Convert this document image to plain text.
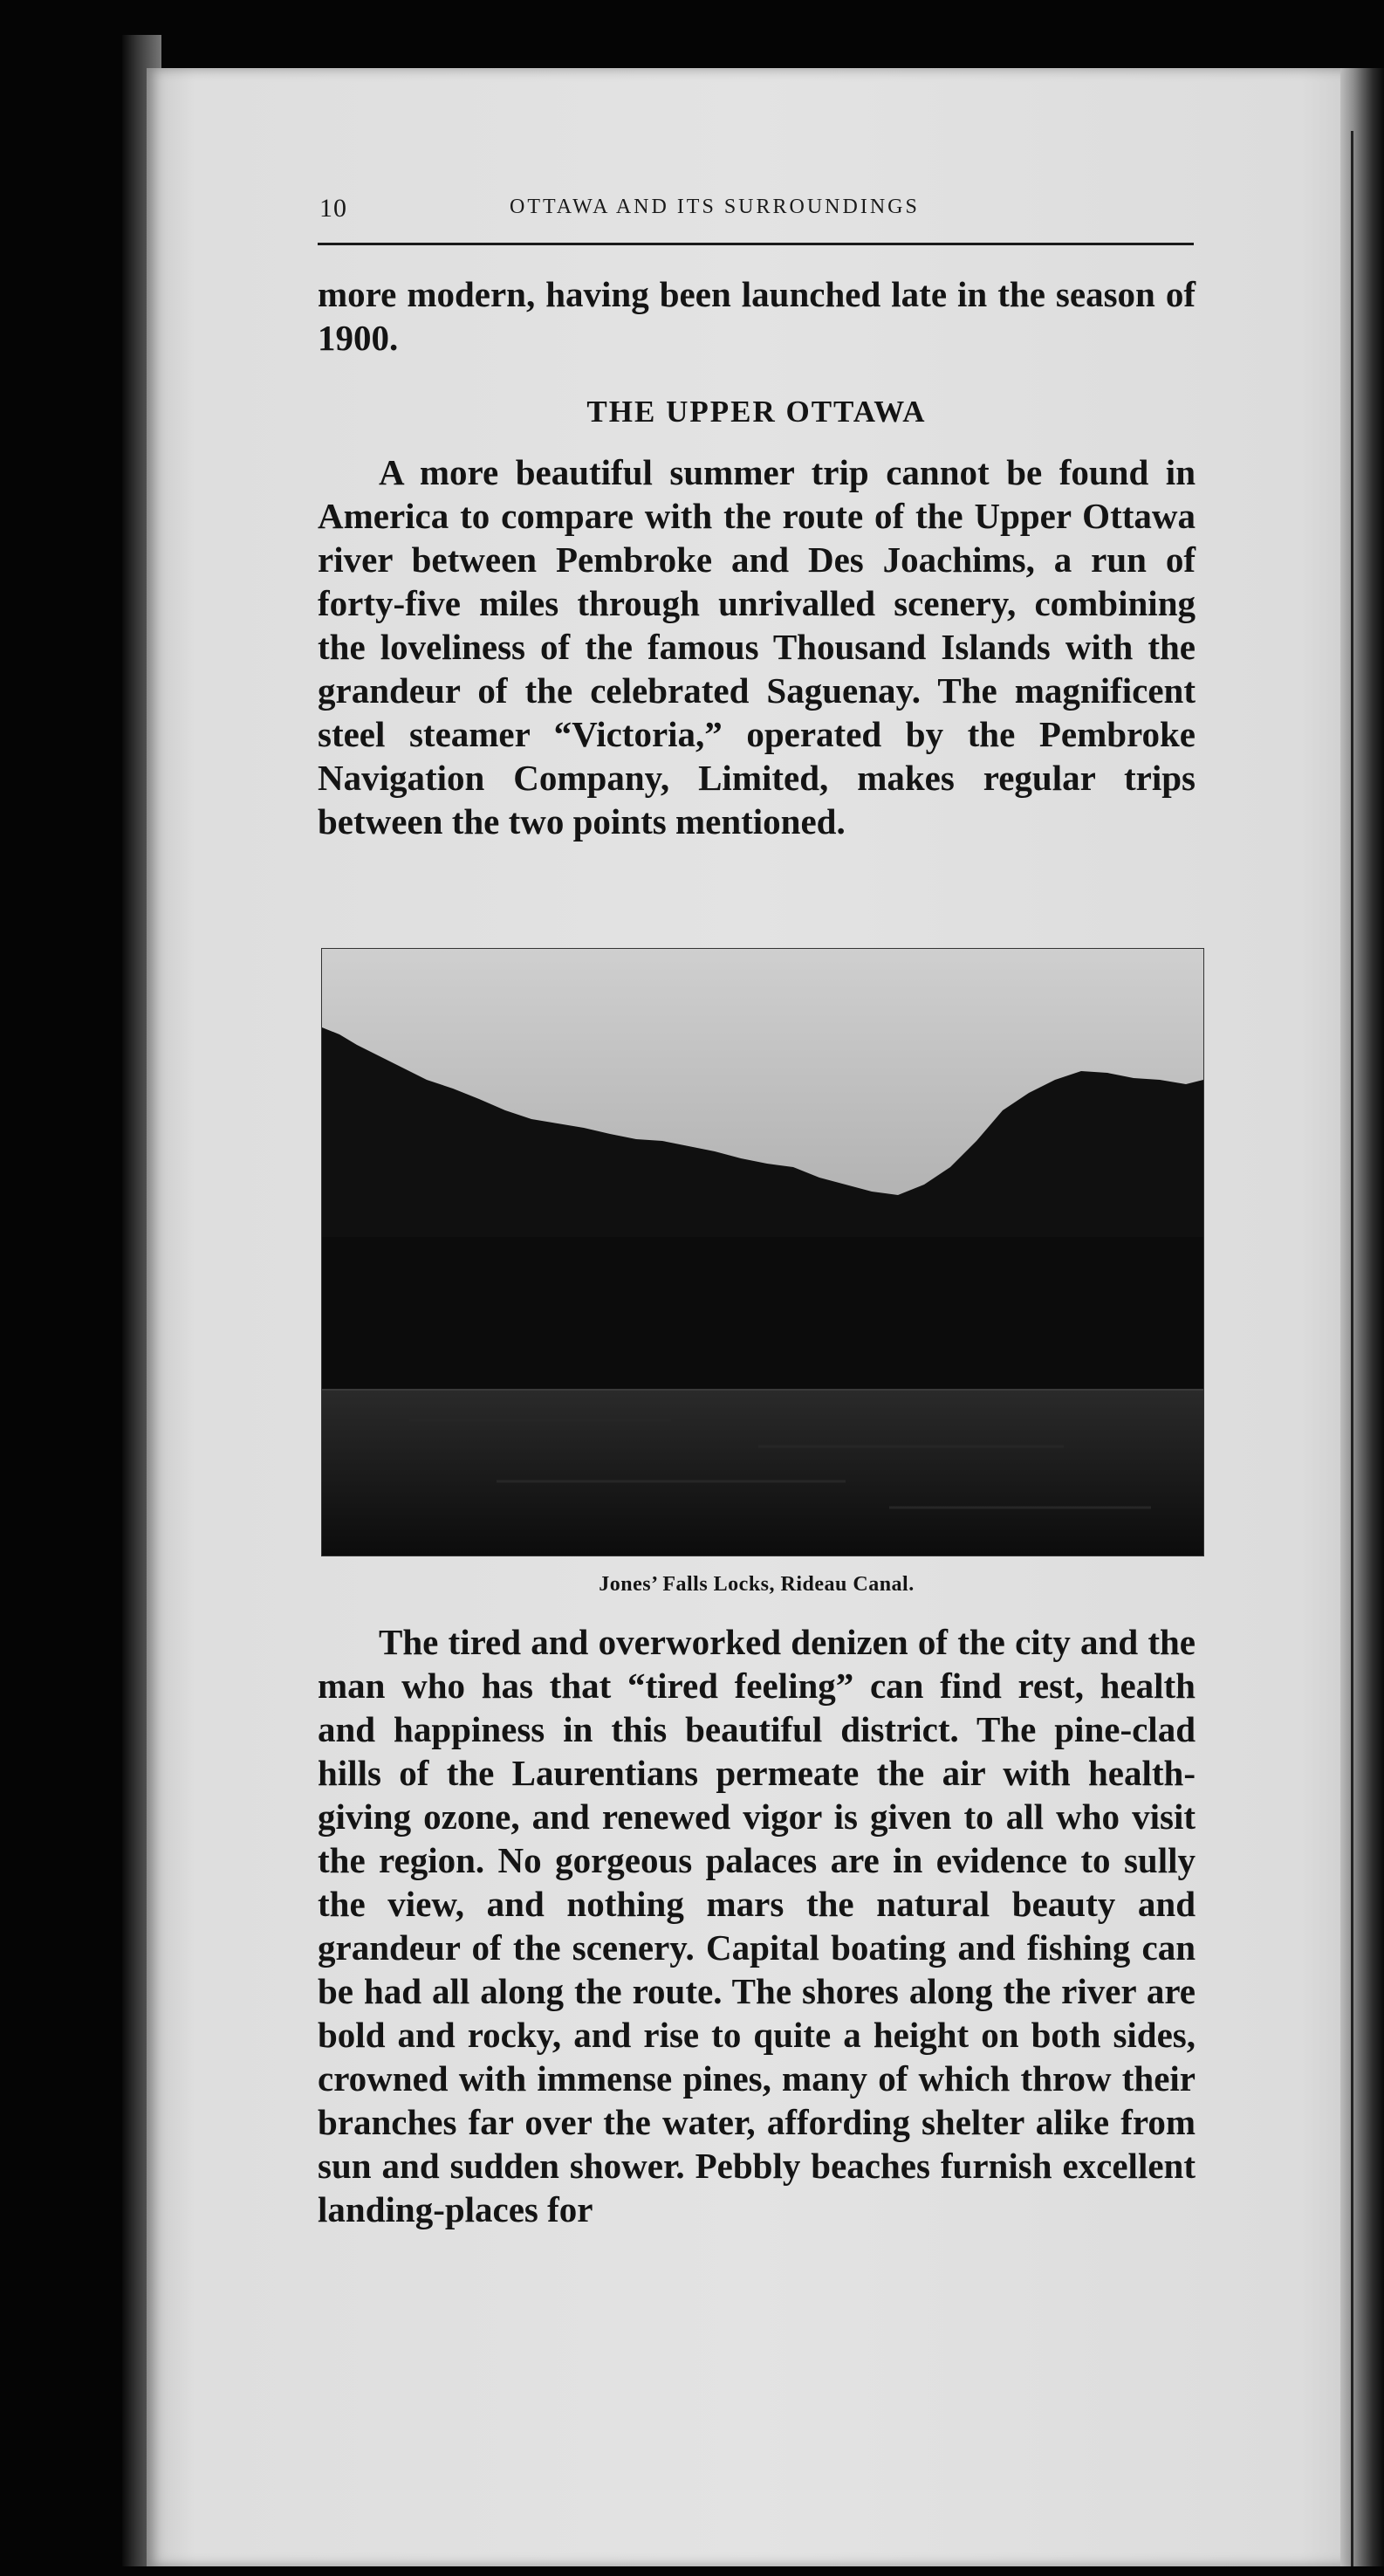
10	OTTAWA AND ITS SURROUNDINGS
more modern, having been launched late in the season of 1900.
THE UPPER OTTAWA
A more beautiful summer trip cannot be found in America to compare with the route of the Upper Ottawa river between Pembroke and Des Joachims, a run of forty-five miles through unrivalled scenery, combining the loveliness of the famous Thousand Islands with the grandeur of the celebrated Saguenay. The magnificent steel steamer “Victoria,” operated by the Pembroke Navigation Company, Limited, makes regular trips between the two points mentioned.
Jones’ Falls Locks, Rideau Canal.
The tired and overworked denizen of the city and the man who has that “tired feeling” can find rest, health and happiness in this beautiful district. The pine-clad hills of the Laurentians permeate the air with health-giving ozone, and renewed vigor is given to all who visit the region. No gorgeous palaces are in evidence to sully the view, and nothing mars the natural beauty and grandeur of the scenery. Capital boating and fishing can be had all along the route. The shores along the river are bold and rocky, and rise to quite a height on both sides, crowned with immense pines, many of which throw their branches far over the water, affording shelter alike from sun and sudden shower. Pebbly beaches furnish excellent landing-places for
